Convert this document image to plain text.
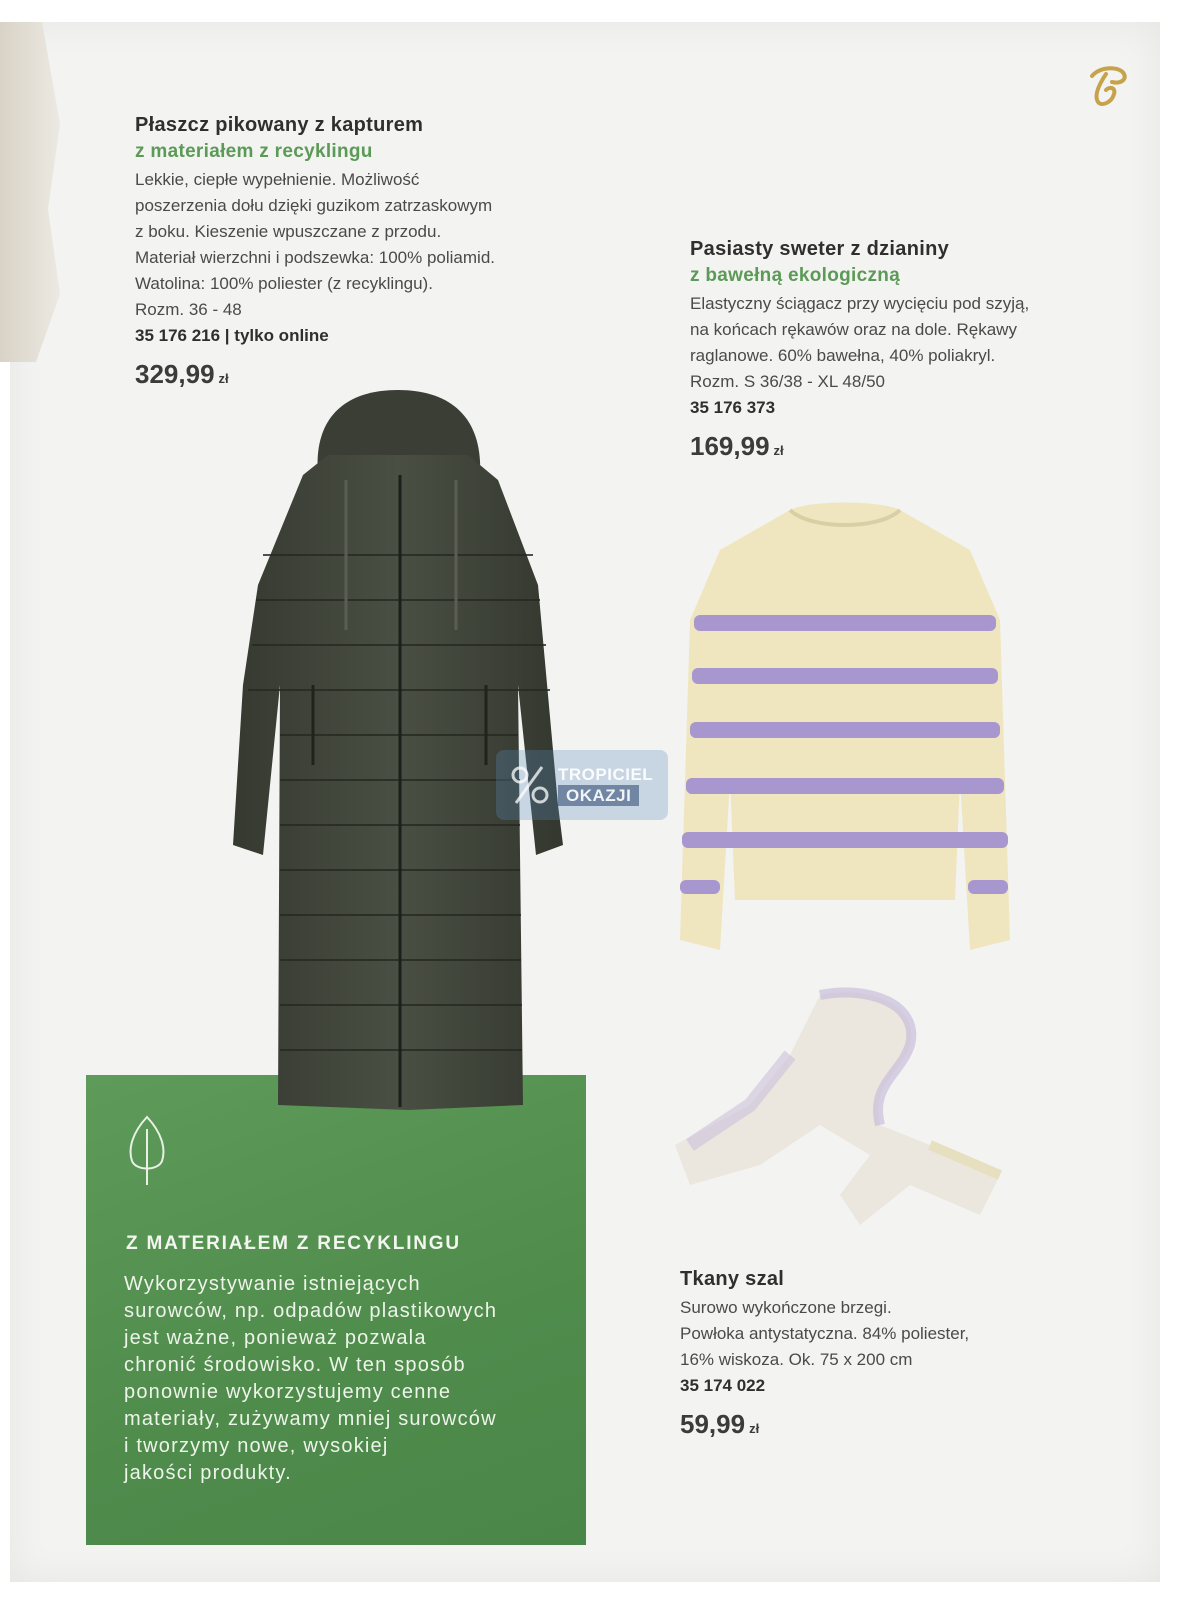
Płaszcz pikowany z kapturem
z materiałem z recyklingu
Lekkie, ciepłe wypełnienie. Możliwość
poszerzenia dołu dzięki guzikom zatrzaskowym
z boku. Kieszenie wpuszczane z przodu.
Materiał wierzchni i podszewka: 100% poliamid.
Watolina: 100% poliester (z recyklingu).
Rozm. 36 - 48
35 176 216 | tylko online
329,99 zł
Pasiasty sweter z dzianiny
z bawełną ekologiczną
Elastyczny ściągacz przy wycięciu pod szyją,
na końcach rękawów oraz na dole. Rękawy
raglanowe. 60% bawełna, 40% poliakryl.
Rozm. S 36/38 - XL 48/50
35 176 373
169,99 zł
Tkany szal
Surowo wykończone brzegi.
Powłoka antystatyczna. 84% poliester,
16% wiskoza. Ok. 75 x 200 cm
35 174 022
59,99 zł
Z MATERIAŁEM Z RECYKLINGU
Wykorzystywanie istniejących
surowców, np. odpadów plastikowych
jest ważne, ponieważ pozwala
chronić środowisko. W ten sposób
ponownie wykorzystujemy cenne
materiały, zużywamy mniej surowców
i tworzymy nowe, wysokiej
jakości produkty.
TROPICIEL
OKAZJI
